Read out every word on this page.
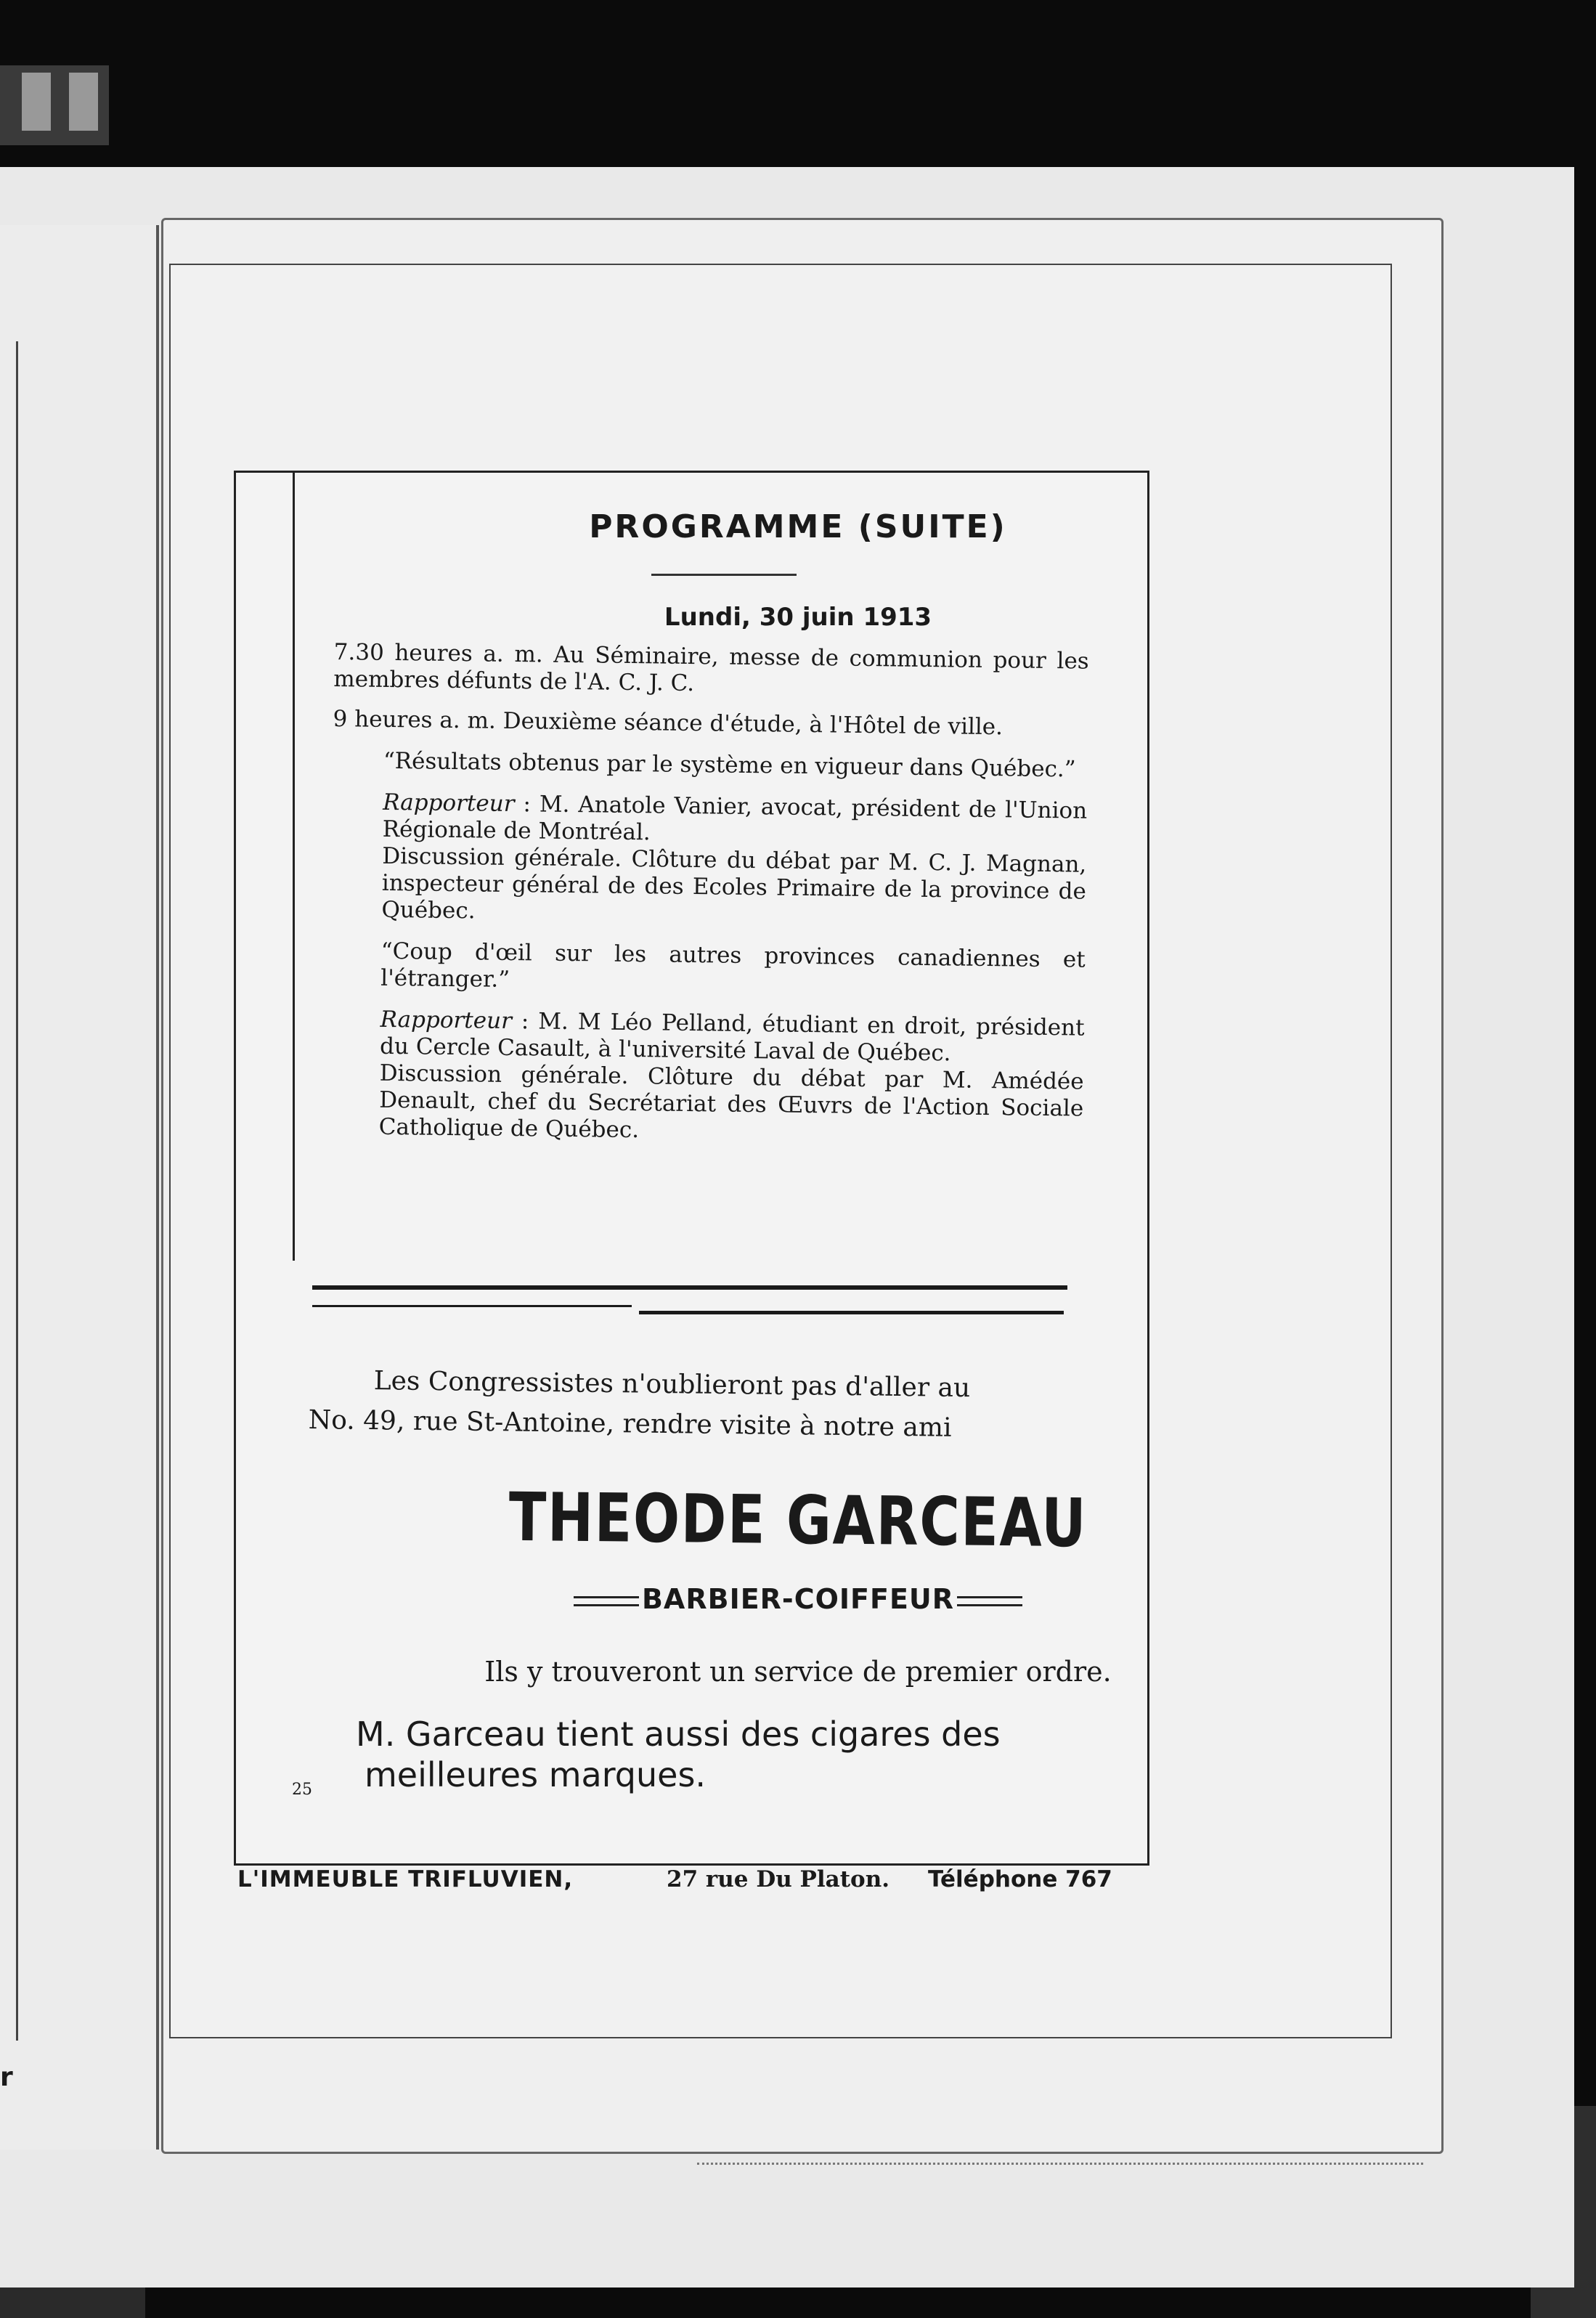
r
PROGRAMME (SUITE)
Lundi, 30 juin 1913

7.30 heures a. m. Au Séminaire, messe de communion pour les membres défunts de l'A. C. J. C.

9 heures a. m. Deuxième séance d'étude, à l'Hôtel de ville.

“Résultats obtenus par le système en vigueur dans Québec.”

Rapporteur : M. Anatole Vanier, avocat, président de l'Union Régionale de Montréal.

Discussion générale. Clôture du débat par M. C. J. Magnan, inspecteur général de des Ecoles Primaire de la province de Québec.

“Coup d'œil sur les autres provinces canadiennes et l'étranger.”

Rapporteur : M. M Léo Pelland, étudiant en droit, président du Cercle Casault, à l'université Laval de Québec.

Discussion générale. Clôture du débat par M. Amédée Denault, chef du Secrétariat des Œuvrs de l'Action Sociale Catholique de Québec.

Les Congressistes n'oublieront pas d'aller au
No. 49, rue St-Antoine, rendre visite à notre ami
THEODE GARCEAU
BARBIER-COIFFEUR
Ils y trouveront un service de premier ordre.
M. Garceau tient aussi des cigares des
meilleures marques.
25
L'IMMEUBLE TRIFLUVIEN,	27 rue Du Platon. Téléphone 767
